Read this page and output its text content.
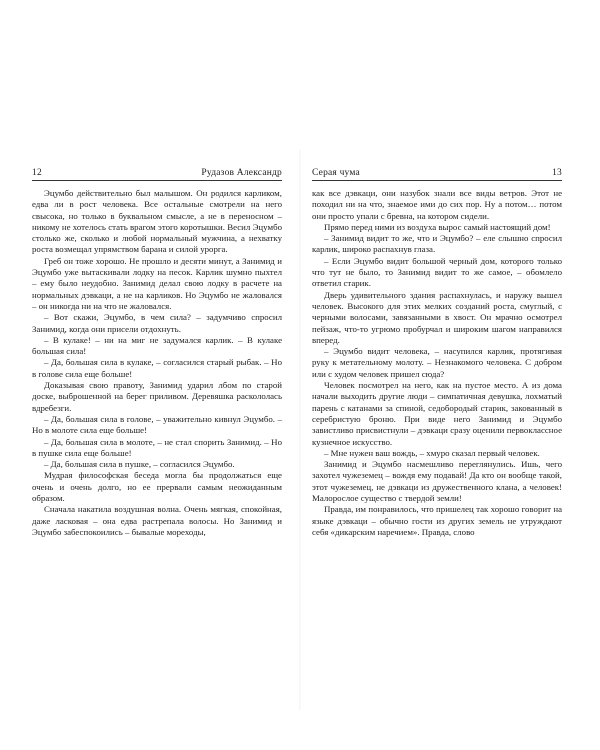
12	Рудазов Александр

Эцумбо действительно был малышом. Он родился карликом, едва ли в рост человека. Все остальные смотрели на него свысока, но только в буквальном смысле, а не в переносном – никому не хотелось стать врагом этого коротышки. Весил Эцумбо столько же, сколько и любой нормальный мужчина, а нехватку роста возмещал упрямством барана и силой урорга.

Греб он тоже хорошо. Не прошло и десяти минут, а Занимид и Эцумбо уже вытаскивали лодку на песок. Карлик шумно пыхтел – ему было неудобно. Занимид делал свою лодку в расчете на нормальных дэвкаци, а не на карликов. Но Эцумбо не жаловался – он никогда ни на что не жаловался.

– Вот скажи, Эцумбо, в чем сила? – задумчиво спросил Занимид, когда они присели отдохнуть.

– В кулаке! – ни на миг не задумался карлик. – В кулаке большая сила!

– Да, большая сила в кулаке, – согласился старый рыбак. – Но в голове сила еще больше!

Доказывая свою правоту, Занимид ударил лбом по старой доске, выброшенной на берег приливом. Деревяшка раскололась вдребезги.

– Да, большая сила в голове, – уважительно кивнул Эцумбо. – Но в молоте сила еще больше!

– Да, большая сила в молоте, – не стал спорить Занимид. – Но в пушке сила еще больше!

– Да, большая сила в пушке, – согласился Эцумбо.

Мудрая философская беседа могла бы продолжаться еще очень и очень долго, но ее прервали самым неожиданным образом.

Сначала накатила воздушная волна. Очень мягкая, спокойная, даже ласковая – она едва растрепала волосы. Но Занимид и Эцумбо забеспокоились – бывалые мореходы,

Серая чума	13

как все дэвкаци, они назубок знали все виды ветров. Этот не походил ни на что, знаемое ими до сих пор. Ну а потом… потом они просто упали с бревна, на котором сидели.

Прямо перед ними из воздуха вырос самый настоящий дом!

– Занимид видит то же, что и Эцумбо? – еле слышно спросил карлик, широко распахнув глаза.

– Если Эцумбо видит большой черный дом, которого только что тут не было, то Занимид видит то же самое, – обомлело ответил старик.

Дверь удивительного здания распахнулась, и наружу вышел человек. Высокого для этих мелких созданий роста, смуглый, с черными волосами, завязанными в хвост. Он мрачно осмотрел пейзаж, что-то угрюмо пробурчал и широким шагом направился вперед.

– Эцумбо видит человека, – насупился карлик, протягивая руку к метательному молоту. – Незнакомого человека. С добром или с худом человек пришел сюда?

Человек посмотрел на него, как на пустое место. А из дома начали выходить другие люди – симпатичная девушка, лохматый парень с катанами за спиной, седобородый старик, закованный в серебристую броню. При виде него Занимид и Эцумбо завистливо присвистнули – дэвкаци сразу оценили первоклассное кузнечное искусство.

– Мне нужен ваш вождь, – хмуро сказал первый человек.

Занимид и Эцумбо насмешливо переглянулись. Ишь, чего захотел чужеземец – вождя ему подавай! Да кто он вообще такой, этот чужеземец, не дэвкаци из дружественного клана, а человек! Малорослое существо с твердой земли!

Правда, им понравилось, что пришелец так хорошо говорит на языке дэвкаци – обычно гости из других земель не утруждают себя «дикарским наречием». Правда, слово
